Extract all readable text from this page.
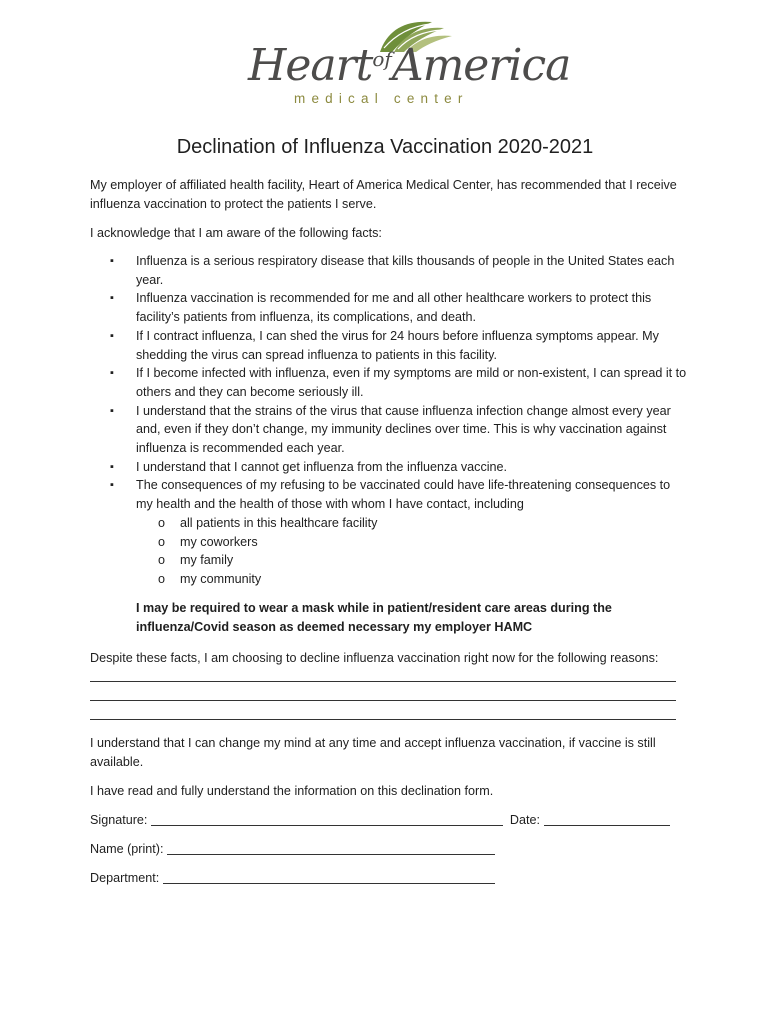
Heart$^{of}$America
medical center
Declination of Influenza Vaccination 2020-2021
My employer of affiliated health facility, Heart of America Medical Center, has recommended that I receive influenza vaccination to protect the patients I serve.
I acknowledge that I am aware of the following facts:
▪ Influenza is a serious respiratory disease that kills thousands of people in the United States each year.
▪ Influenza vaccination is recommended for me and all other healthcare workers to protect this facility’s patients from influenza, its complications, and death.
▪ If I contract influenza, I can shed the virus for 24 hours before influenza symptoms appear. My shedding the virus can spread influenza to patients in this facility.
▪ If I become infected with influenza, even if my symptoms are mild or non-existent, I can spread it to others and they can become seriously ill.
▪ I understand that the strains of the virus that cause influenza infection change almost every year and, even if they don’t change, my immunity declines over time. This is why vaccination against influenza is recommended each year.
▪ I understand that I cannot get influenza from the influenza vaccine.
▪ The consequences of my refusing to be vaccinated could have life-threatening consequences to my health and the health of those with whom I have contact, including
o all patients in this healthcare facility
o my coworkers
o my family
o my community
I may be required to wear a mask while in patient/resident care areas during the influenza/Covid season as deemed necessary my employer HAMC
Despite these facts, I am choosing to decline influenza vaccination right now for the following reasons:
I understand that I can change my mind at any time and accept influenza vaccination, if vaccine is still available.
I have read and fully understand the information on this declination form.
Signature:	Date:
Name (print):
Department:
